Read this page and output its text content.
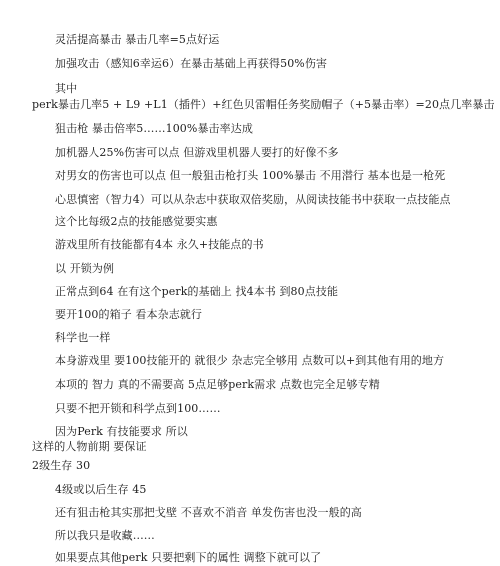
灵活提高暴击 暴击几率=5点好运
加强攻击（感知6幸运6）在暴击基础上再获得50%伤害
其中
perk暴击几率5 + L9 +L1（插件）+红色贝雷帽任务奖励帽子（+5暴击率）=20点几率暴击
狙击枪 暴击倍率5……100%暴击率达成
加机器人25%伤害可以点 但游戏里机器人要打的好像不多
对男女的伤害也可以点 但一般狙击枪打头 100%暴击 不用潜行 基本也是一枪死
心思慎密（智力4）可以从杂志中获取双倍奖励，从阅读技能书中获取一点技能点
这个比每级2点的技能感觉要实惠
游戏里所有技能都有4本 永久+技能点的书
以 开锁为例
正常点到64 在有这个perk的基础上 找4本书 到80点技能
要开100的箱子 看本杂志就行
科学也一样
本身游戏里 要100技能开的 就很少 杂志完全够用 点数可以+到其他有用的地方
本项的 智力 真的不需要高 5点足够perk需求 点数也完全足够专精
只要不把开锁和科学点到100……
因为Perk 有技能要求 所以
这样的人物前期 要保证
2级生存 30
4级或以后生存 45
还有狙击枪其实那把戈壁 不喜欢不消音 单发伤害也没一般的高
所以我只是收藏……
如果要点其他perk 只要把剩下的属性 调整下就可以了
